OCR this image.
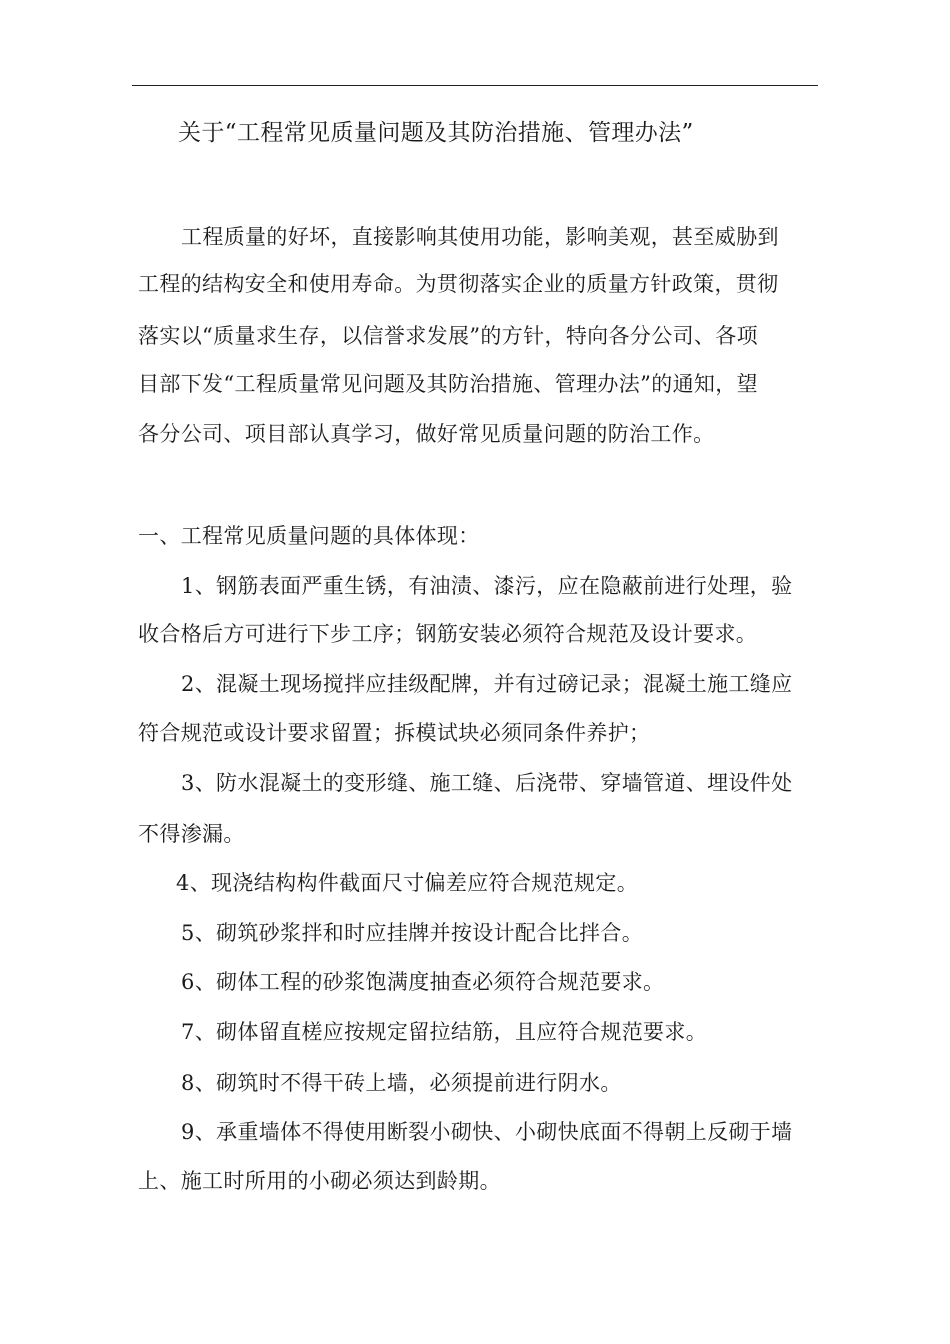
关于“工程常见质量问题及其防治措施、管理办法”
工程质量的好坏，直接影响其使用功能，影响美观，甚至威胁到
工程的结构安全和使用寿命。为贯彻落实企业的质量方针政策，贯彻
落实以“质量求生存，以信誉求发展”的方针，特向各分公司、各项
目部下发“工程质量常见问题及其防治措施、管理办法”的通知，望
各分公司、项目部认真学习，做好常见质量问题的防治工作。
一、工程常见质量问题的具体体现：
1、钢筋表面严重生锈，有油渍、漆污，应在隐蔽前进行处理，验
收合格后方可进行下步工序；钢筋安装必须符合规范及设计要求。
2、混凝土现场搅拌应挂级配牌，并有过磅记录；混凝土施工缝应
符合规范或设计要求留置；拆模试块必须同条件养护；
3、防水混凝土的变形缝、施工缝、后浇带、穿墙管道、埋设件处
不得渗漏。
4、现浇结构构件截面尺寸偏差应符合规范规定。
5、砌筑砂浆拌和时应挂牌并按设计配合比拌合。
6、砌体工程的砂浆饱满度抽查必须符合规范要求。
7、砌体留直槎应按规定留拉结筋，且应符合规范要求。
8、砌筑时不得干砖上墙，必须提前进行阴水。
9、承重墙体不得使用断裂小砌快、小砌快底面不得朝上反砌于墙
上、施工时所用的小砌必须达到龄期。
